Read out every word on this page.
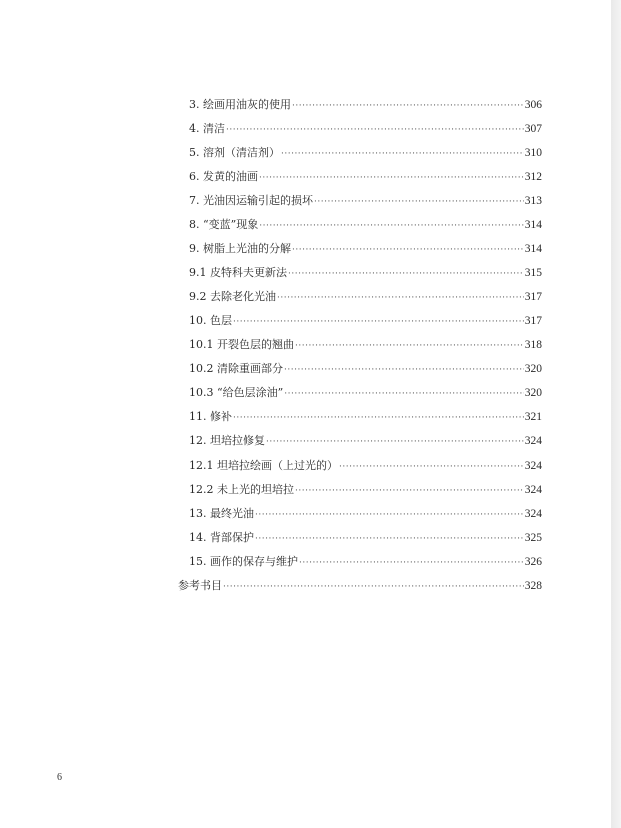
3. 绘画用油灰的使用 ·····	306
4. 清洁 ·····	307
5. 溶剂（清洁剂） ·····	310
6. 发黄的油画 ·····	312
7. 光油因运输引起的损坏 ·····	313
8. “变蓝”现象 ·····	314
9. 树脂上光油的分解 ·····	314
9.1 皮特科夫更新法 ·····	315
9.2 去除老化光油 ·····	317
10. 色层 ·····	317
10.1 开裂色层的翘曲 ·····	318
10.2 清除重画部分 ·····	320
10.3 “给色层涂油” ·····	320
11. 修补 ·····	321
12. 坦培拉修复 ·····	324
12.1 坦培拉绘画（上过光的） ·····	324
12.2 未上光的坦培拉 ·····	324
13. 最终光油 ·····	324
14. 背部保护 ·····	325
15. 画作的保存与维护 ·····	326
参考书目 ·····	328
6
